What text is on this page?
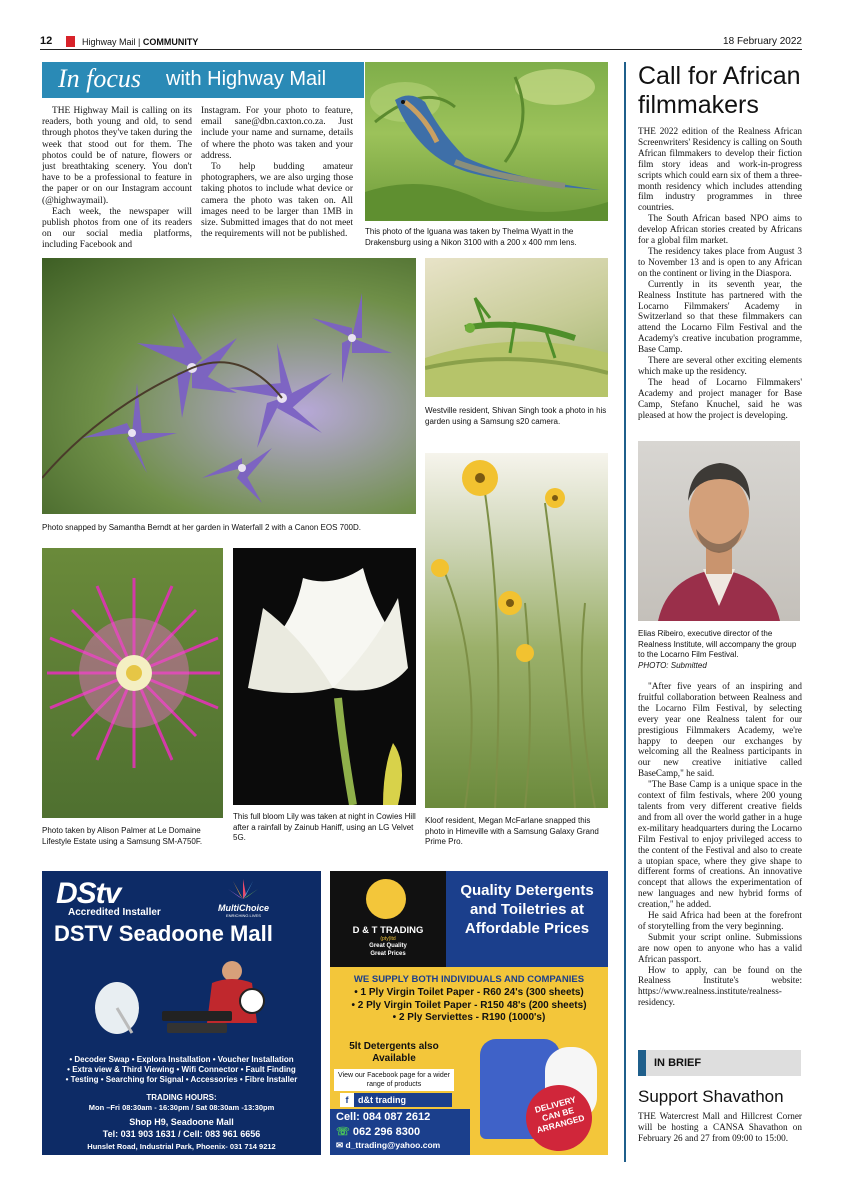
12	Highway Mail | COMMUNITY	18 February 2022
In focus with Highway Mail

THE Highway Mail is calling on its readers, both young and old, to send through photos they've taken during the week that stood out for them. The photos could be of nature, flowers or just breathtaking scenery. You don't have to be a professional to feature in the paper or on our Instagram account (@highwaymail).

Each week, the newspaper will publish photos from one of its readers on our social media platforms, including Facebook and

Instagram. For your photo to feature, email sane@dbn.caxton.co.za. Just include your name and surname, details of where the photo was taken and your address.

To help budding amateur photographers, we are also urging those taking photos to include what device or camera the photo was taken on. All images need to be larger than 1MB in size. Submitted images that do not meet the requirements will not be published.	This photo of the Iguana was taken by Thelma Wyatt in the Drakensburg using a Nikon 3100 with a 200 x 400 mm lens.
Photo snapped by Samantha Berndt at her garden in Waterfall 2 with a Canon EOS 700D.
Westville resident, Shivan Singh took a photo in his garden using a Samsung s20 camera.
Kloof resident, Megan McFarlane snapped this photo in Himeville with a Samsung Galaxy Grand Prime Pro.
Photo taken by Alison Palmer at Le Domaine Lifestyle Estate using a Samsung SM-A750F.
This full bloom Lily was taken at night in Cowies Hill after a rainfall by Zainub Haniff, using an LG Velvet 5G.
Call for African
filmmakers

THE 2022 edition of the Realness African Screenwriters' Residency is calling on South African filmmakers to develop their fiction film story ideas and work-in-progress scripts which could earn six of them a three-month residency which includes attending film industry programmes in three countries.

The South African based NPO aims to develop African stories created by Africans for a global film market.

The residency takes place from August 3 to November 13 and is open to any African on the continent or living in the Diaspora.

Currently in its seventh year, the Realness Institute has partnered with the Locarno Filmmakers' Academy in Switzerland so that these filmmakers can attend the Locarno Film Festival and the Academy's creative incubation programme, Base Camp.

There are several other exciting elements which make up the residency.

The head of Locarno Filmmakers' Academy and project manager for Base Camp, Stefano Knuchel, said he was pleased at how the project is developing.

Elias Ribeiro, executive director of the Realness Institute, will accompany the group to the Locarno Film Festival.
PHOTO: Submitted

"After five years of an inspiring and fruitful collaboration between Realness and the Locarno Film Festival, by selecting every year one Realness talent for our prestigious Filmmakers Academy, we're happy to deepen our exchanges by welcoming all the Realness participants in our new creative initiative called BaseCamp," he said.

"The Base Camp is a unique space in the context of film festivals, where 200 young talents from very different creative fields and from all over the world gather in a huge ex-military headquarters during the Locarno Film Festival to enjoy privileged access to the content of the Festival and also to create a utopian space, where they give shape to different forms of creations. An innovative concept that allows the experimentation of new languages and new hybrid forms of creation," he added.

He said Africa had been at the forefront of storytelling from the very beginning.

Submit your script online. Submissions are now open to anyone who has a valid African passport.

How to apply, can be found on the Realness Institute's website: https://www.realness.institute/realness-residency.

IN BRIEF
Support Shavathon
THE Watercrest Mall and Hillcrest Corner will be hosting a CANSA Shavathon on February 26 and 27 from 09:00 to 15:00.
DStv
Accredited Installer	MultiChoice
ENRICHING LIVES
DSTV Seadoone Mall
• Decoder Swap • Explora Installation • Voucher Installation
• Extra view & Third Viewing • Wifi Connector • Fault Finding
• Testing • Searching for Signal • Accessories • Fibre Installer
TRADING HOURS:
Mon –Fri 08:30am - 16:30pm / Sat 08:30am -13:30pm
Shop H9, Seadoone Mall
Tel: 031 903 1631 / Cell: 083 961 6656
Hunslet Road, Industrial Park, Phoenix- 031 714 9212
Quality Detergents and Toiletries at Affordable Prices
D & T TRADING
(pty)ltd
Great Quality
Great Prices
WE SUPPLY BOTH INDIVIDUALS AND COMPANIES
• 1 Ply Virgin Toilet Paper - R60 24's (300 sheets)
• 2 Ply Virgin Toilet Paper - R150 48's (200 sheets)
• 2 Ply Serviettes - R190 (1000's)
5lt Detergents also Available
View our Facebook page for a wider range of products
f d&t trading
Cell: 084 087 2612
☏ 062 296 8300
✉ d_ttrading@yahoo.com
DELIVERY CAN BE ARRANGED
